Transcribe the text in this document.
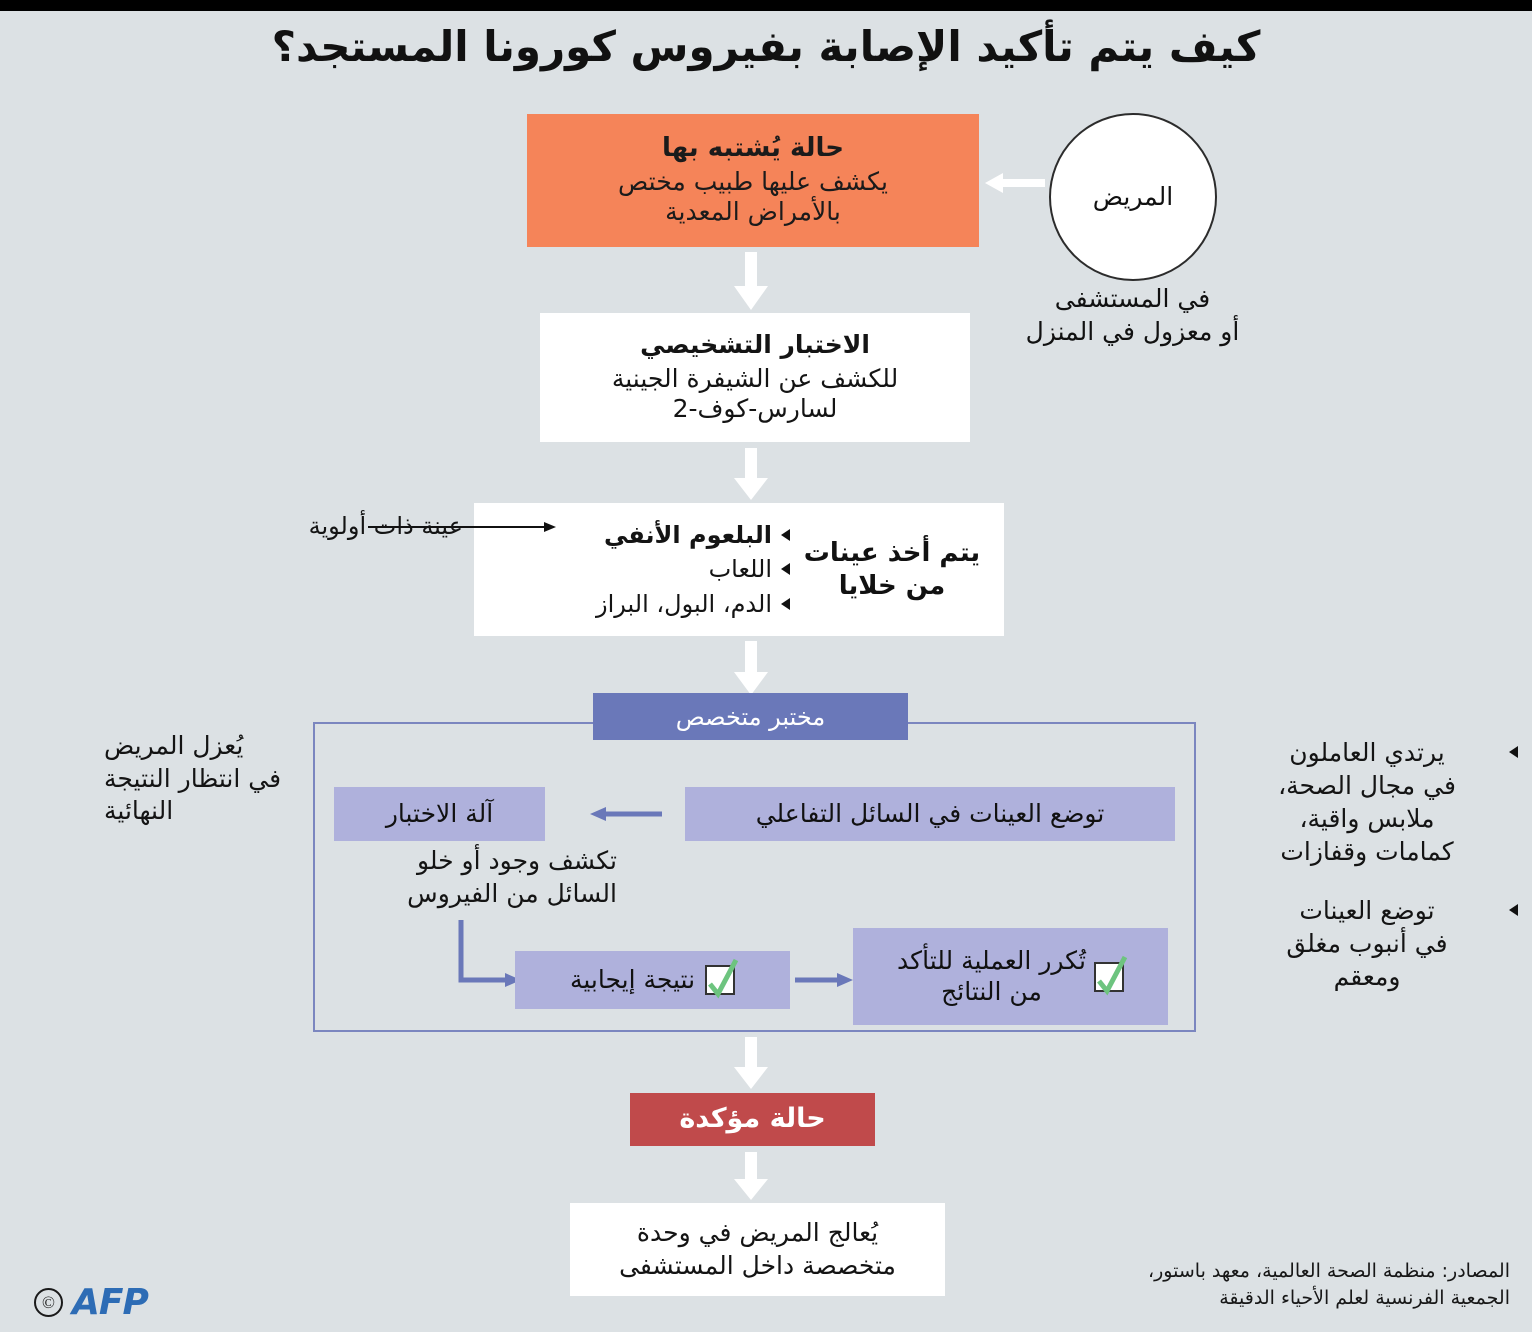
كيف يتم تأكيد الإصابة بفيروس كورونا المستجد؟
المريض
في المستشفى
أو معزول في المنزل
حالة يُشتبه بها
يكشف عليها طبيب مختص
بالأمراض المعدية
الاختبار التشخيصي
للكشف عن الشيفرة الجينية
لسارس-كوف-2
يتم أخذ عينات
من خلايا
البلعوم الأنفي
اللعاب
الدم، البول، البراز
عينة ذات أولوية
مختبر متخصص
توضع العينات في السائل التفاعلي
آلة الاختبار
تكشف وجود أو خلو
السائل من الفيروس
نتيجة إيجابية
تُكرر العملية للتأكد
من النتائج
يُعزل المريض
في انتظار النتيجة
النهائية
يرتدي العاملون
في مجال الصحة،
ملابس واقية،
كمامات وقفازات
توضع العينات
في أنبوب مغلق
ومعقم
حالة مؤكدة
يُعالج المريض في وحدة
متخصصة داخل المستشفى	المصادر: منظمة الصحة العالمية، معهد باستور،
الجمعية الفرنسية لعلم الأحياء الدقيقة
© AFP
